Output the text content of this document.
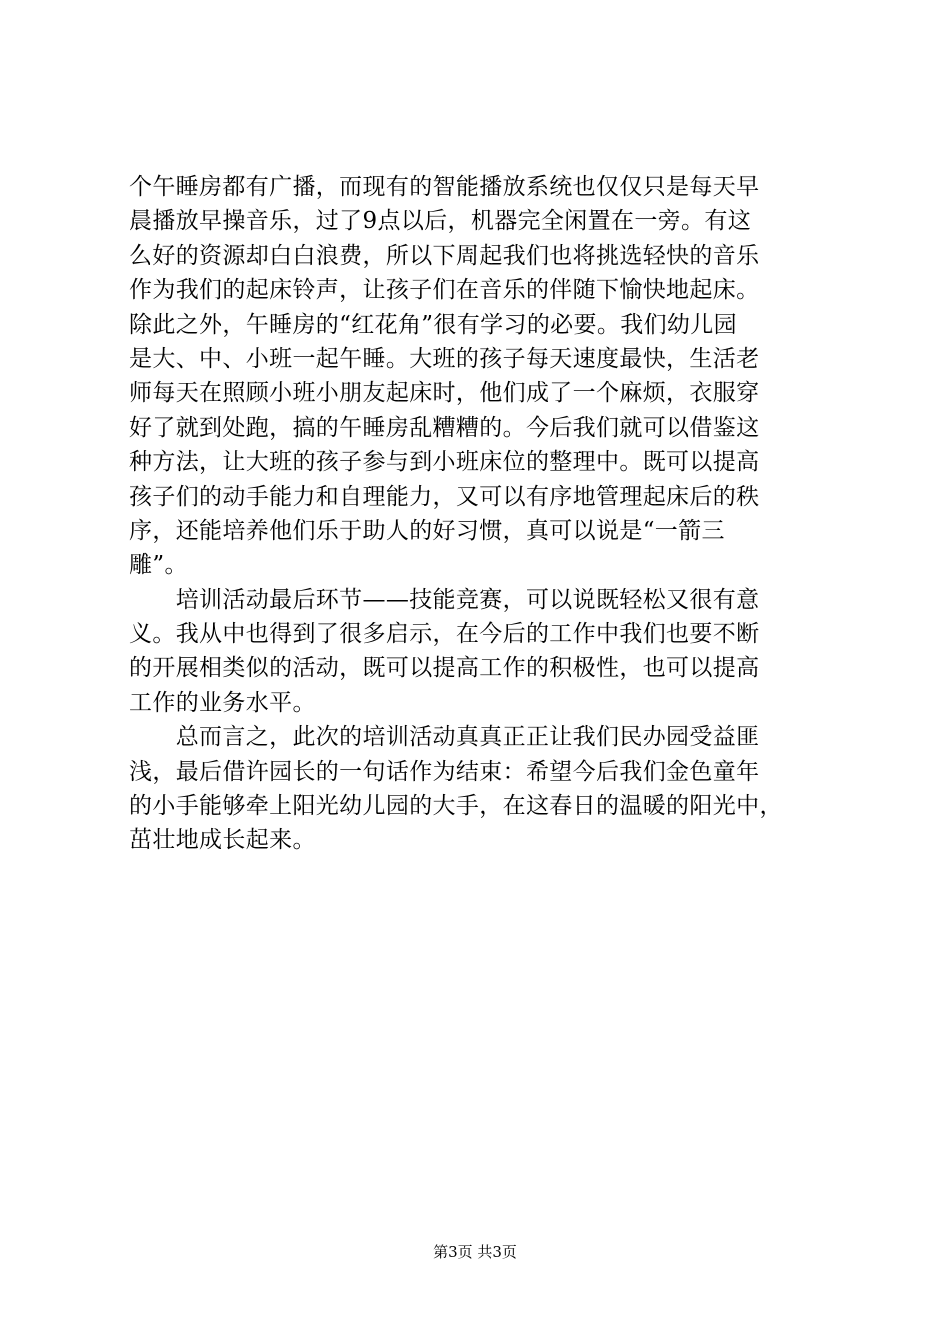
个午睡房都有广播，而现有的智能播放系统也仅仅只是每天早
晨播放早操音乐，过了9点以后，机器完全闲置在一旁。有这
么好的资源却白白浪费，所以下周起我们也将挑选轻快的音乐
作为我们的起床铃声，让孩子们在音乐的伴随下愉快地起床。
除此之外，午睡房的“红花角”很有学习的必要。我们幼儿园
是大、中、小班一起午睡。大班的孩子每天速度最快，生活老
师每天在照顾小班小朋友起床时，他们成了一个麻烦，衣服穿
好了就到处跑，搞的午睡房乱糟糟的。今后我们就可以借鉴这
种方法，让大班的孩子参与到小班床位的整理中。既可以提高
孩子们的动手能力和自理能力，又可以有序地管理起床后的秩
序，还能培养他们乐于助人的好习惯，真可以说是“一箭三
雕”。
　　培训活动最后环节——技能竞赛，可以说既轻松又很有意
义。我从中也得到了很多启示，在今后的工作中我们也要不断
的开展相类似的活动，既可以提高工作的积极性，也可以提高
工作的业务水平。
　　总而言之，此次的培训活动真真正正让我们民办园受益匪
浅，最后借许园长的一句话作为结束：希望今后我们金色童年
的小手能够牵上阳光幼儿园的大手，在这春日的温暖的阳光中，
茁壮地成长起来。
第3页 共3页
